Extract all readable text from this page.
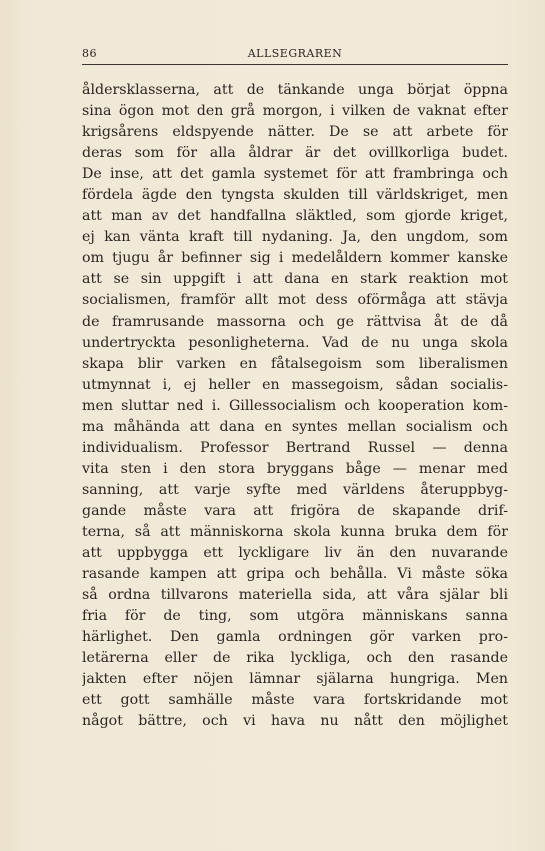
86	ALLSEGRAREN
åldersklasserna, att de tänkande unga börjat öppna
sina ögon mot den grå morgon, i vilken de vaknat efter
krigsårens eldspyende nätter. De se att arbete för
deras som för alla åldrar är det ovillkorliga budet.
De inse, att det gamla systemet för att frambringa och
fördela ägde den tyngsta skulden till världskriget, men
att man av det handfallna släktled, som gjorde kriget,
ej kan vänta kraft till nydaning. Ja, den ungdom, som
om tjugu år befinner sig i medelåldern kommer kanske
att se sin uppgift i att dana en stark reaktion mot
socialismen, framför allt mot dess oförmåga att stävja
de framrusande massorna och ge rättvisa åt de då
undertryckta pesonligheterna. Vad de nu unga skola
skapa blir varken en fåtalsegoism som liberalismen
utmynnat i, ej heller en massegoism, sådan socialis-
men sluttar ned i. Gillessocialism och kooperation kom-
ma måhända att dana en syntes mellan socialism och
individualism. Professor Bertrand Russel — denna
vita sten i den stora bryggans båge — menar med
sanning, att varje syfte med världens återuppbyg-
gande måste vara att frigöra de skapande drif-
terna, så att människorna skola kunna bruka dem för
att uppbygga ett lyckligare liv än den nuvarande
rasande kampen att gripa och behålla. Vi måste söka
så ordna tillvarons materiella sida, att våra själar bli
fria för de ting, som utgöra människans sanna
härlighet. Den gamla ordningen gör varken pro-
letärerna eller de rika lyckliga, och den rasande
jakten efter nöjen lämnar själarna hungriga. Men
ett gott samhälle måste vara fortskridande mot
något bättre, och vi hava nu nått den möjlighet
